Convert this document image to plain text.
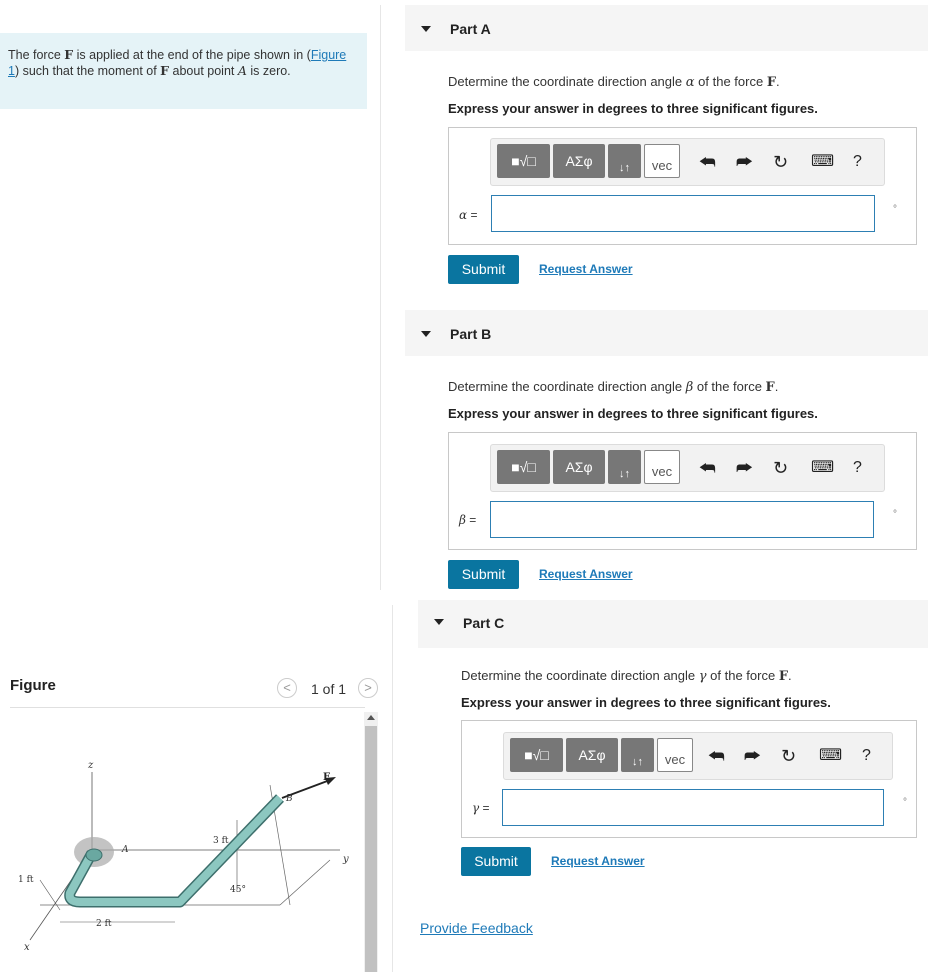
The force F is applied at the end of the pipe shown in (Figure 1) such that the moment of F about point A is zero.
Part A
Determine the coordinate direction angle α of the force F.
Express your answer in degrees to three significant figures.
■√□ ΑΣφ ↓↑ vec ⮪ ⮫ ↻ ⌨ ?
α =	°
Submit	Request Answer
Part B
Determine the coordinate direction angle β of the force F.
Express your answer in degrees to three significant figures.
■√□ ΑΣφ ↓↑ vec ⮪ ⮫ ↻ ⌨ ?
β =	°
Submit	Request Answer
Part C
Determine the coordinate direction angle γ of the force F.
Express your answer in degrees to three significant figures.
■√□ ΑΣφ ↓↑ vec ⮪ ⮫ ↻ ⌨ ?
γ =	°
Submit	Request Answer
Provide Feedback
Figure	<	1 of 1	>
z
y
x
F
B
A
3 ft
1 ft
2 ft
45°
